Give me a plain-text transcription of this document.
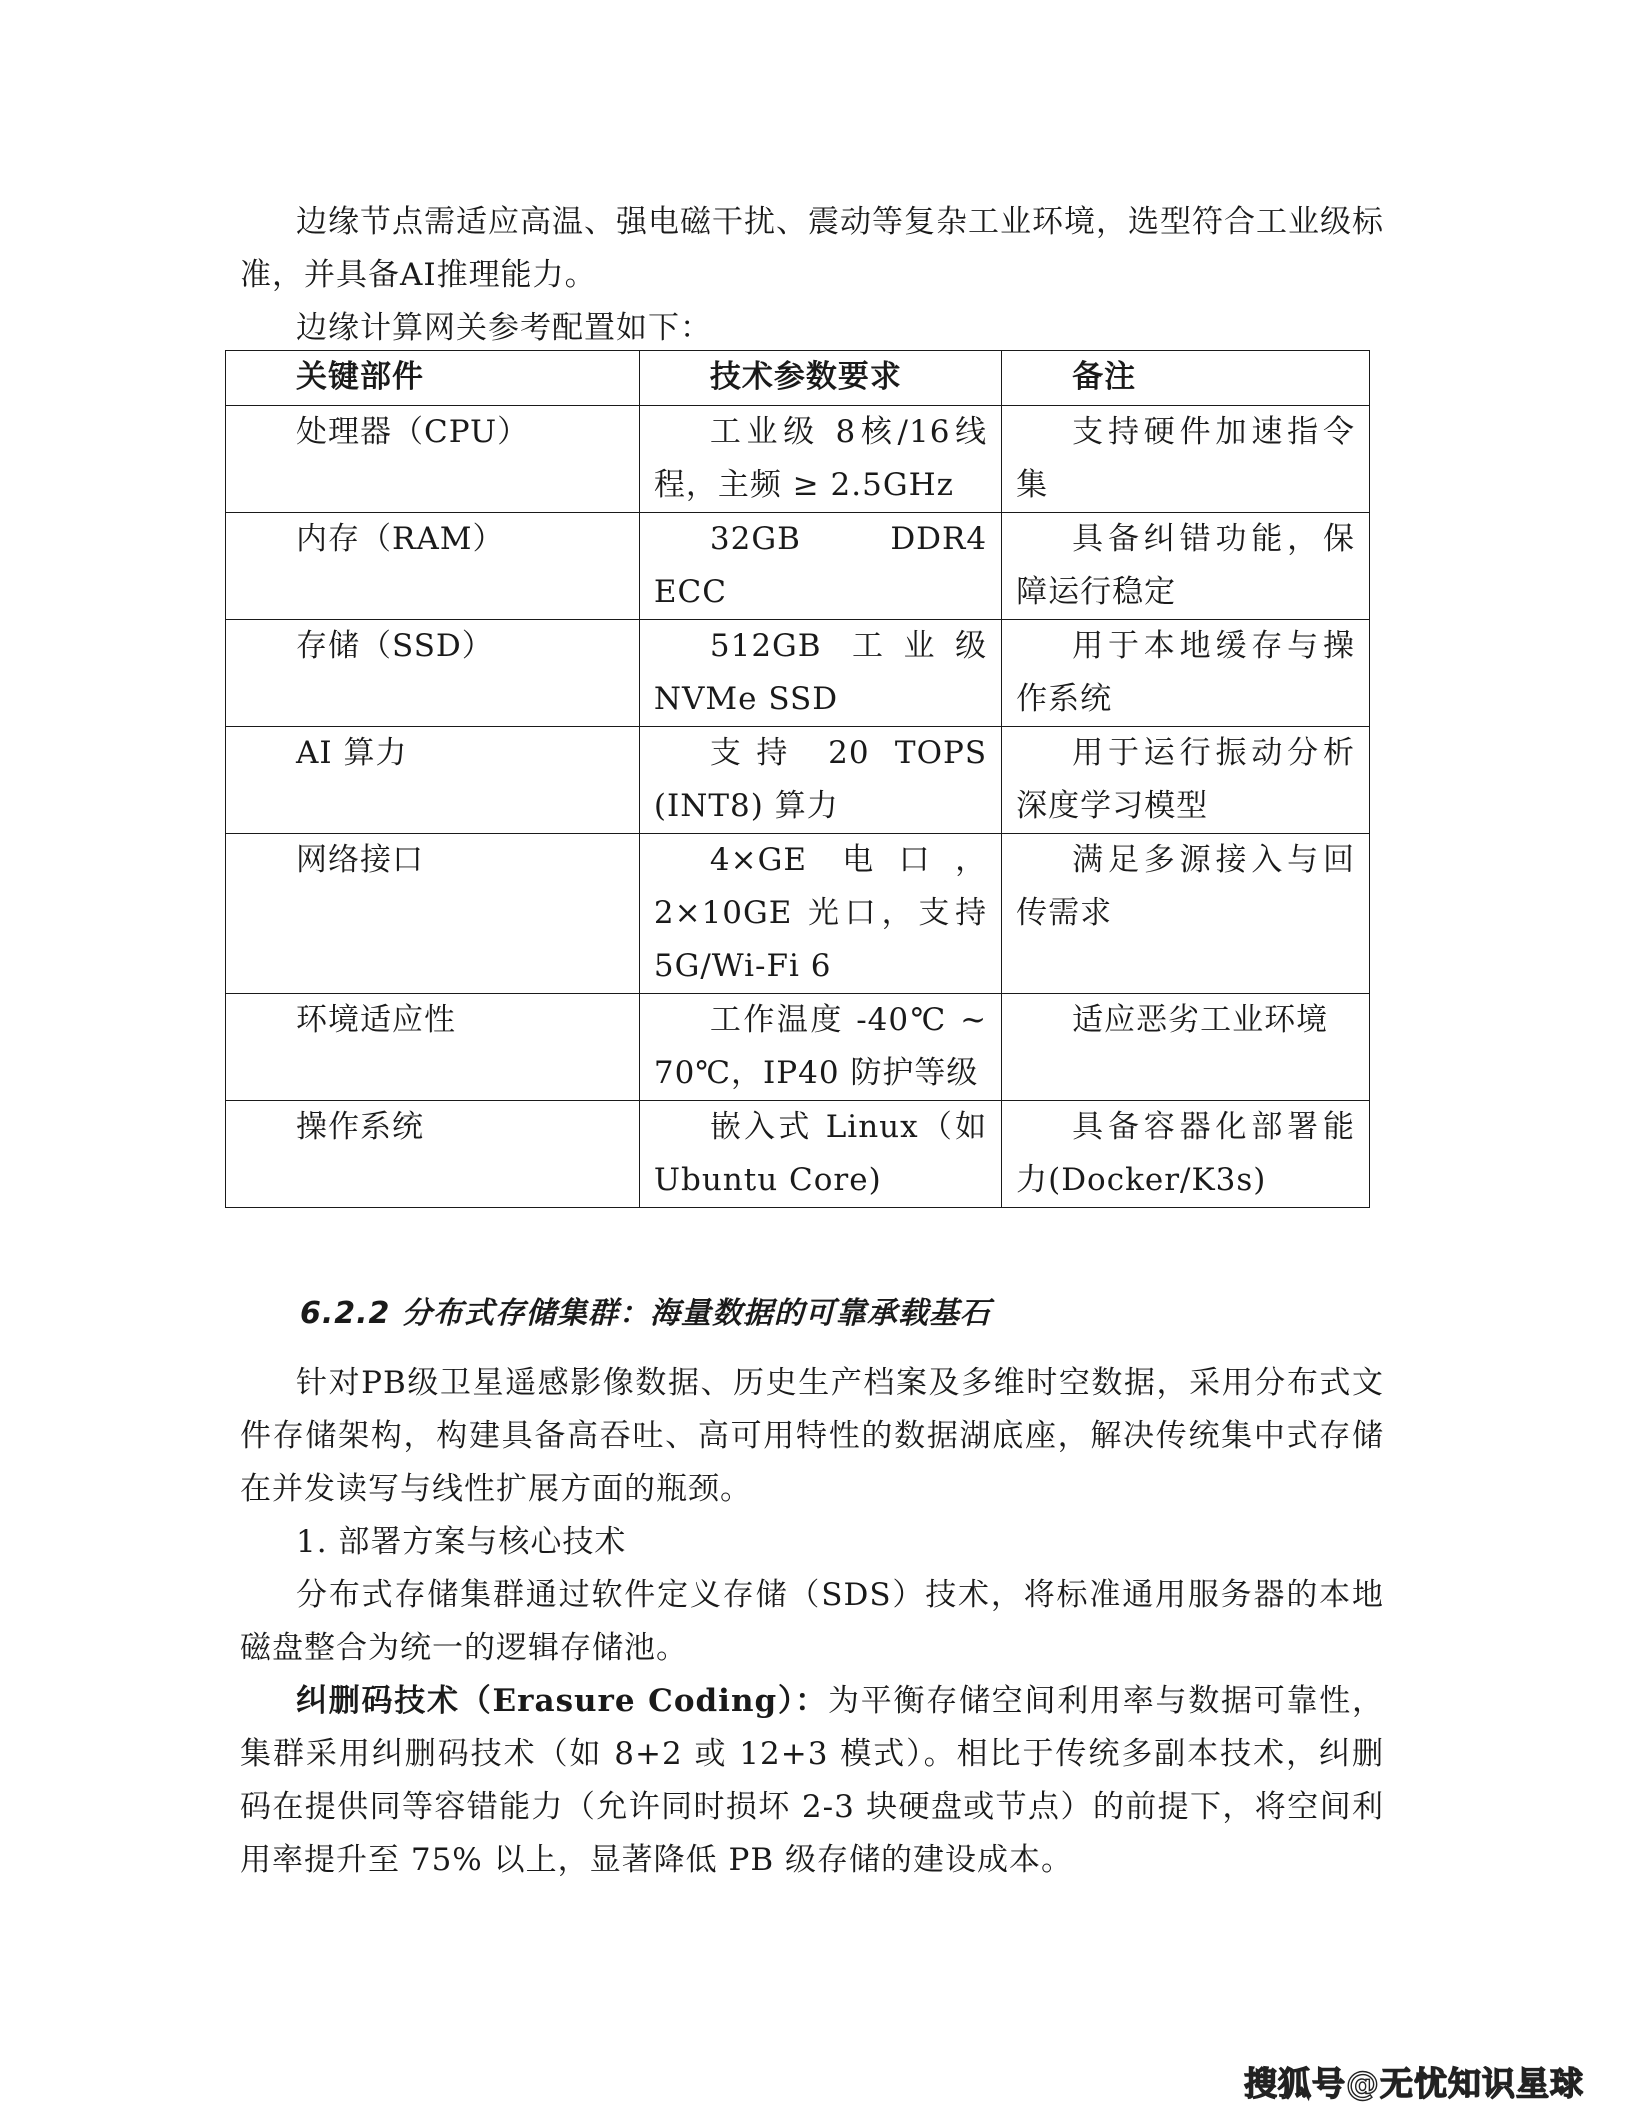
边缘节点需适应高温、强电磁干扰、震动等复杂工业环境，选型符合工业级标准，并具备AI推理能力。

边缘计算网关参考配置如下：

关键部件	技术参数要求	备注
处理器（CPU）	工业级 8核/16线程，主频 ≥ 2.5GHz	支持硬件加速指令集
内存（RAM）	32GB DDR4 ECC	具备纠错功能，保障运行稳定
存储（SSD）	512GB 工业级 NVMe SSD	用于本地缓存与操作系统
AI 算力	支持 20 TOPS (INT8) 算力	用于运行振动分析深度学习模型
网络接口	4×GE 电口，2×10GE 光口，支持5G/Wi-Fi 6	满足多源接入与回传需求
环境适应性	工作温度 -40℃ ~ 70℃，IP40 防护等级	适应恶劣工业环境
操作系统	嵌入式 Linux（如Ubuntu Core)	具备容器化部署能力(Docker/K3s)
6.2.2 分布式存储集群：海量数据的可靠承载基石

针对PB级卫星遥感影像数据、历史生产档案及多维时空数据，采用分布式文件存储架构，构建具备高吞吐、高可用特性的数据湖底座，解决传统集中式存储在并发读写与线性扩展方面的瓶颈。

1. 部署方案与核心技术

分布式存储集群通过软件定义存储（SDS）技术，将标准通用服务器的本地磁盘整合为统一的逻辑存储池。

纠删码技术（Erasure Coding）：为平衡存储空间利用率与数据可靠性，集群采用纠删码技术（如 8+2 或 12+3 模式）。相比于传统多副本技术，纠删码在提供同等容错能力（允许同时损坏 2-3 块硬盘或节点）的前提下，将空间利用率提升至 75% 以上，显著降低 PB 级存储的建设成本。

搜狐号@无忧知识星球
